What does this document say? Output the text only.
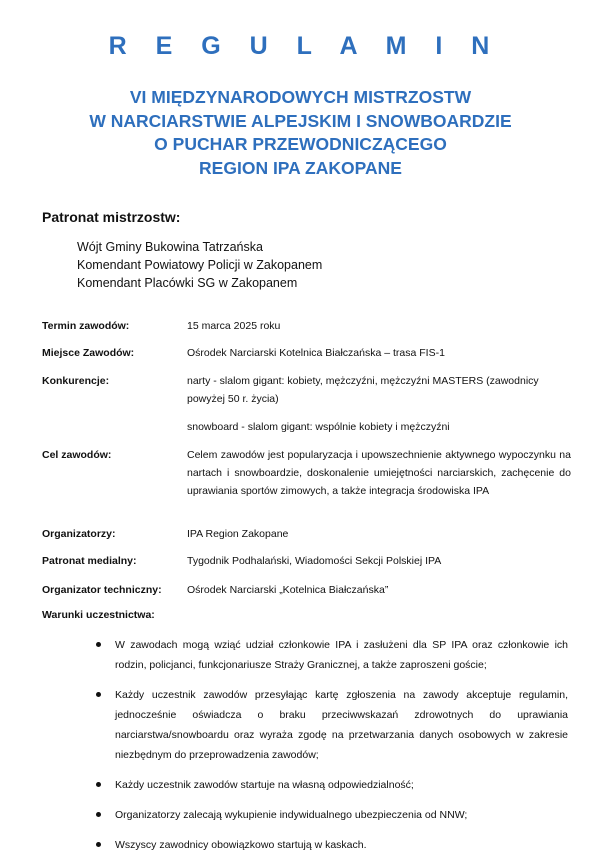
R E G U L A M I N
VI MIĘDZYNARODOWYCH MISTRZOSTW
W NARCIARSTWIE ALPEJSKIM I SNOWBOARDZIE
O PUCHAR PRZEWODNICZĄCEGO
REGION IPA ZAKOPANE
Patronat mistrzostw:
Wójt Gminy Bukowina Tatrzańska
Komendant Powiatowy Policji w Zakopanem
Komendant Placówki SG w Zakopanem
Termin zawodów:	15 marca 2025 roku

Miejsce Zawodów:	Ośrodek Narciarski Kotelnica Białczańska – trasa FIS-1

Konkurencje:	narty - slalom gigant: kobiety, mężczyźni, mężczyźni MASTERS (zawodnicy powyżej 50 r. życia)

snowboard - slalom gigant: wspólnie kobiety i mężczyźni

Cel zawodów:	Celem zawodów jest popularyzacja i upowszechnienie aktywnego wypoczynku na nartach i snowboardzie, doskonalenie umiejętności narciarskich, zachęcenie do uprawiania sportów zimowych, a także integracja środowiska IPA

Organizatorzy:	IPA Region Zakopane

Patronat medialny:	Tygodnik Podhalański, Wiadomości Sekcji Polskiej IPA

Organizator techniczny: Ośrodek Narciarski „Kotelnica Białczańska”

Warunki uczestnictwa:
W zawodach mogą wziąć udział członkowie IPA i zasłużeni dla SP IPA oraz członkowie ich rodzin, policjanci, funkcjonariusze Straży Granicznej, a także zaproszeni goście;
Każdy uczestnik zawodów przesyłając kartę zgłoszenia na zawody akceptuje regulamin, jednocześnie oświadcza o braku przeciwwskazań zdrowotnych do uprawiania narciarstwa/snowboardu oraz wyraża zgodę na przetwarzania danych osobowych w zakresie niezbędnym do przeprowadzenia zawodów;
Każdy uczestnik zawodów startuje na własną odpowiedzialność;
Organizatorzy zalecają wykupienie indywidualnego ubezpieczenia od NNW;
Wszyscy zawodnicy obowiązkowo startują w kaskach.
